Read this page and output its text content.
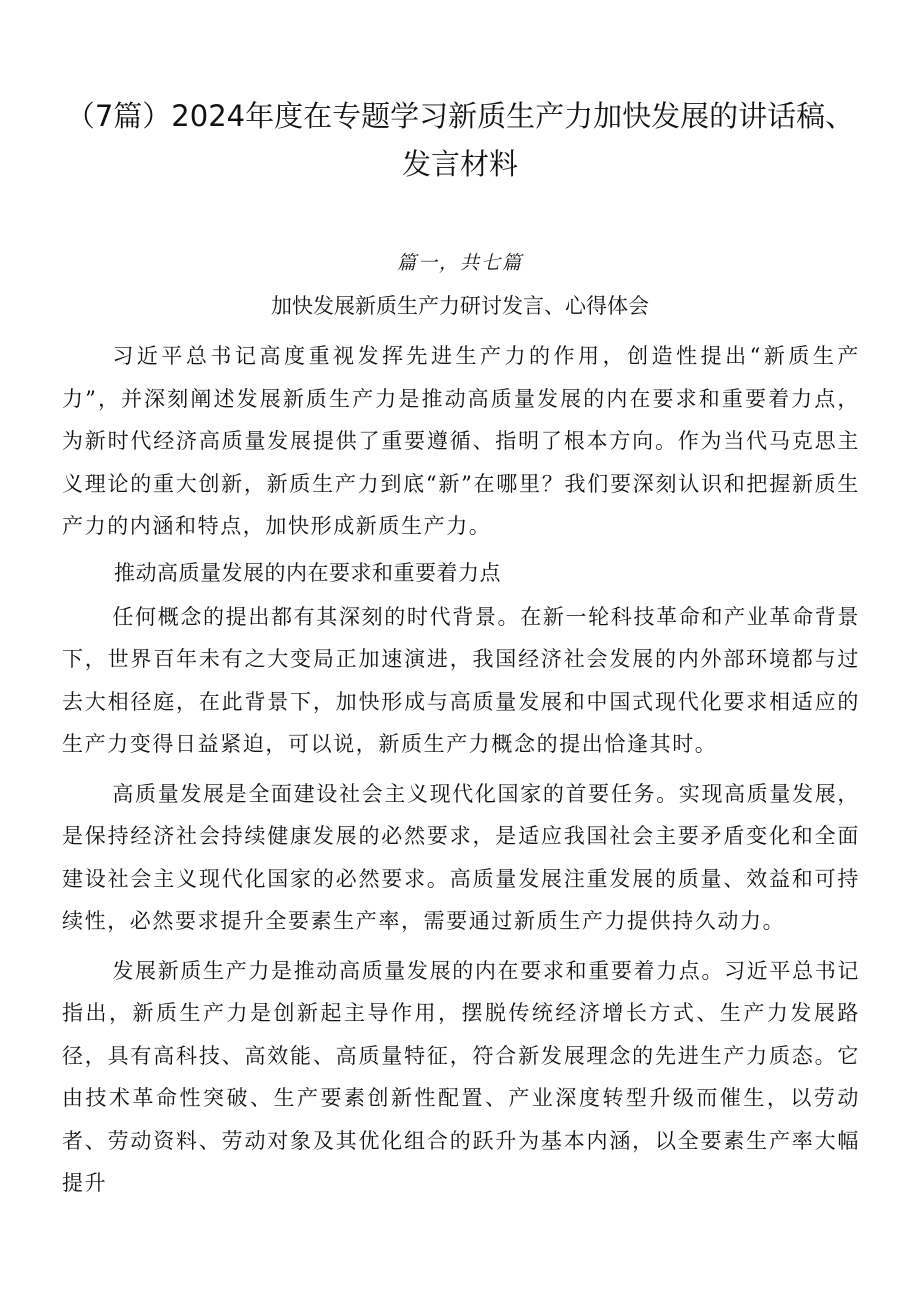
（7篇）2024年度在专题学习新质生产力加快发展的讲话稿、发言材料

篇一，共七篇

加快发展新质生产力研讨发言、心得体会

习近平总书记高度重视发挥先进生产力的作用，创造性提出“新质生产力”，并深刻阐述发展新质生产力是推动高质量发展的内在要求和重要着力点，为新时代经济高质量发展提供了重要遵循、指明了根本方向。作为当代马克思主义理论的重大创新，新质生产力到底“新”在哪里？我们要深刻认识和把握新质生产力的内涵和特点，加快形成新质生产力。

推动高质量发展的内在要求和重要着力点

任何概念的提出都有其深刻的时代背景。在新一轮科技革命和产业革命背景下，世界百年未有之大变局正加速演进，我国经济社会发展的内外部环境都与过去大相径庭，在此背景下，加快形成与高质量发展和中国式现代化要求相适应的生产力变得日益紧迫，可以说，新质生产力概念的提出恰逢其时。

高质量发展是全面建设社会主义现代化国家的首要任务。实现高质量发展，是保持经济社会持续健康发展的必然要求，是适应我国社会主要矛盾变化和全面建设社会主义现代化国家的必然要求。高质量发展注重发展的质量、效益和可持续性，必然要求提升全要素生产率，需要通过新质生产力提供持久动力。

发展新质生产力是推动高质量发展的内在要求和重要着力点。习近平总书记指出，新质生产力是创新起主导作用，摆脱传统经济增长方式、生产力发展路径，具有高科技、高效能、高质量特征，符合新发展理念的先进生产力质态。它由技术革命性突破、生产要素创新性配置、产业深度转型升级而催生，以劳动者、劳动资料、劳动对象及其优化组合的跃升为基本内涵，以全要素生产率大幅提升
